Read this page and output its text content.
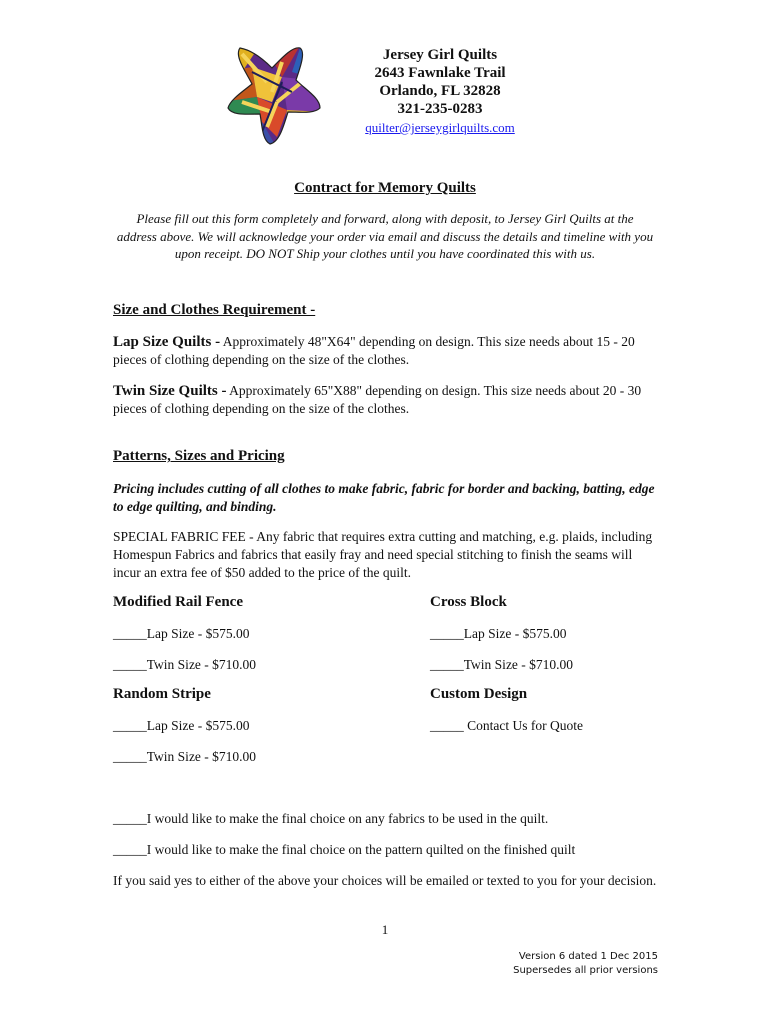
Jersey Girl Quilts
2643 Fawnlake Trail
Orlando, FL 32828
321-235-0283
quilter@jerseygirlquilts.com
Contract for Memory Quilts
Please fill out this form completely and forward, along with deposit, to Jersey Girl Quilts at the address above. We will acknowledge your order via email and discuss the details and timeline with you upon receipt. DO NOT Ship your clothes until you have coordinated this with us.
Size and Clothes Requirement -
Lap Size Quilts - Approximately 48"X64" depending on design. This size needs about 15 - 20 pieces of clothing depending on the size of the clothes.
Twin Size Quilts - Approximately 65"X88" depending on design. This size needs about 20 - 30 pieces of clothing depending on the size of the clothes.
Patterns, Sizes and Pricing
Pricing includes cutting of all clothes to make fabric, fabric for border and backing, batting, edge to edge quilting, and binding.
SPECIAL FABRIC FEE - Any fabric that requires extra cutting and matching, e.g. plaids, including Homespun Fabrics and fabrics that easily fray and need special stitching to finish the seams will incur an extra fee of $50 added to the price of the quilt.
Modified Rail Fence	Cross Block
_____Lap Size - $575.00	_____Lap Size - $575.00
_____Twin Size - $710.00	_____Twin Size - $710.00
Random Stripe	Custom Design
_____Lap Size - $575.00	_____ Contact Us for Quote
_____Twin Size - $710.00
_____I would like to make the final choice on any fabrics to be used in the quilt.
_____I would like to make the final choice on the pattern quilted on the finished quilt
If you said yes to either of the above your choices will be emailed or texted to you for your decision.
1
Version 6 dated 1 Dec 2015
Supersedes all prior versions
